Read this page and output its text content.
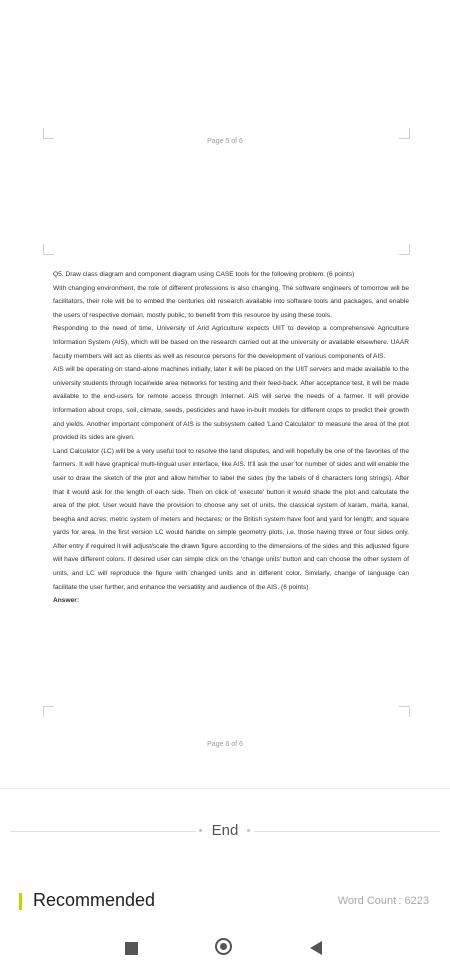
Page 5 of 6

Q5. Draw class diagram and component diagram using CASE tools for the following problem: (6 points)

With changing environment, the role of different professions is also changing. The software engineers of tomorrow will be facilitators, their role will be to embed the centuries old research available into software tools and packages, and enable the users of respective domain, mostly public, to benefit from this resource by using these tools.

Responding to the need of time, University of Arid Agriculture expects UIIT to develop a comprehensive Agriculture Information System (AIS), which will be based on the research carried out at the university or available elsewhere. UAAR faculty members will act as clients as well as resource persons for the development of various components of AIS.

AIS will be operating on stand-alone machines initially, later it will be placed on the UIIT servers and made available to the university students through local/wide area networks for testing and their feed-back. After acceptance test, it will be made available to the end-users for remote access through Internet. AIS will serve the needs of a farmer. It will provide Information about crops, soil, climate, seeds, pesticides and have in-built models for different crops to predict their growth and yields. Another important component of AIS is the subsystem called 'Land Calculator' to measure the area of the plot provided its sides are given.

Land Calculator (LC) will be a very useful tool to resolve the land disputes, and will hopefully be one of the favorites of the farmers. It will have graphical multi-lingual user interface, like AIS. It'll ask the user for number of sides and will enable the user to draw the sketch of the plot and allow him/her to label the sides (by the labels of 8 characters long strings). After that it would ask for the length of each side. Then on click of 'execute' button it would shade the plot and calculate the area of the plot. User would have the provision to choose any set of units, the classical system of karam, marla, kanal, beegha and acres; metric system of meters and hectares; or the British system have foot and yard for length; and square yards for area. In the first version LC would handle on simple geometry plots, i.e. those having three or four sides only. After entry if required it will adjust/scale the drawn figure according to the dimensions of the sides and this adjusted figure will have different colors. If desired user can simple click on the 'change units' button and can choose the other system of units, and LC will reproduce the figure with changed units and in different color. Similarly, change of language can facilitate the user further, and enhance the versatility and audience of the AIS. (6 points)

Answer:

Page 6 of 6
End
Recommended	Word Count : 6223
